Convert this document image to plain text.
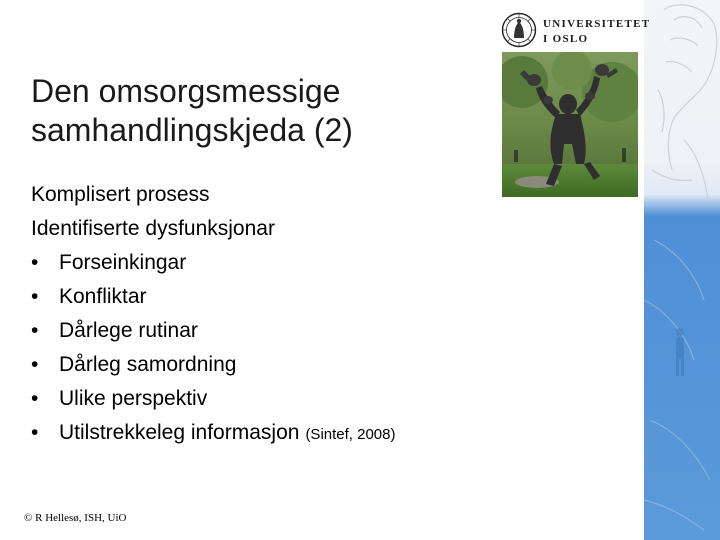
UNIVERSITETET
I OSLO
Den omsorgsmessige
samhandlingskjeda (2)
Komplisert prosess
Identifiserte dysfunksjonar
• Forseinkingar
• Konfliktar
• Dårlege rutinar
• Dårleg samordning
• Ulike perspektiv
• Utilstrekkeleg informasjon (Sintef, 2008)
© R Hellesø, ISH, UiO
